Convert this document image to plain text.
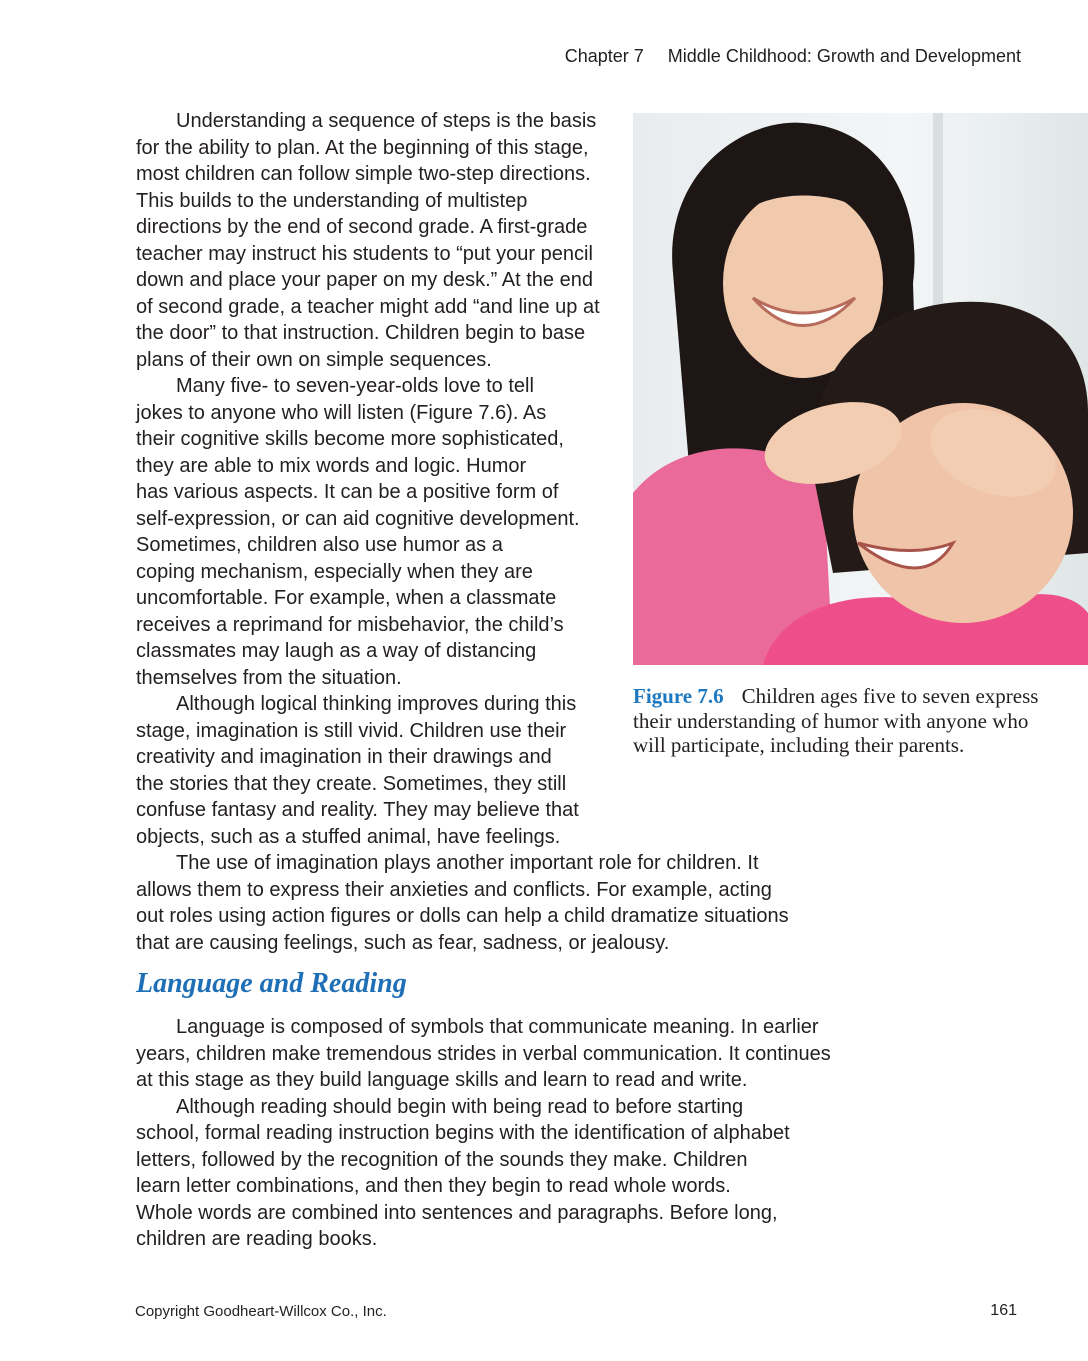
Chapter 7 Middle Childhood: Growth and Development
Understanding a sequence of steps is the basis
for the ability to plan. At the beginning of this stage,
most children can follow simple two-step directions.
This builds to the understanding of multistep
directions by the end of second grade. A first-grade
teacher may instruct his students to “put your pencil
down and place your paper on my desk.” At the end
of second grade, a teacher might add “and line up at
the door” to that instruction. Children begin to base
plans of their own on simple sequences.
Many five- to seven-year-olds love to tell
jokes to anyone who will listen (Figure 7.6). As
their cognitive skills become more sophisticated,
they are able to mix words and logic. Humor
has various aspects. It can be a positive form of
self-expression, or can aid cognitive development.
Sometimes, children also use humor as a
coping mechanism, especially when they are
uncomfortable. For example, when a classmate
receives a reprimand for misbehavior, the child’s
classmates may laugh as a way of distancing
themselves from the situation.
Although logical thinking improves during this
stage, imagination is still vivid. Children use their
creativity and imagination in their drawings and
the stories that they create. Sometimes, they still
confuse fantasy and reality. They may believe that
objects, such as a stuffed animal, have feelings.
The use of imagination plays another important role for children. It
allows them to express their anxieties and conflicts. For example, acting
out roles using action figures or dolls can help a child dramatize situations
that are causing feelings, such as fear, sadness, or jealousy.
Language and Reading
Language is composed of symbols that communicate meaning. In earlier
years, children make tremendous strides in verbal communication. It continues
at this stage as they build language skills and learn to read and write.
Although reading should begin with being read to before starting
school, formal reading instruction begins with the identification of alphabet
letters, followed by the recognition of the sounds they make. Children
learn letter combinations, and then they begin to read whole words.
Whole words are combined into sentences and paragraphs. Before long,
children are reading books.
Figure 7.6 Children ages five to seven express their understanding of humor with anyone who will participate, including their parents.
Copyright Goodheart-Willcox Co., Inc.	161
